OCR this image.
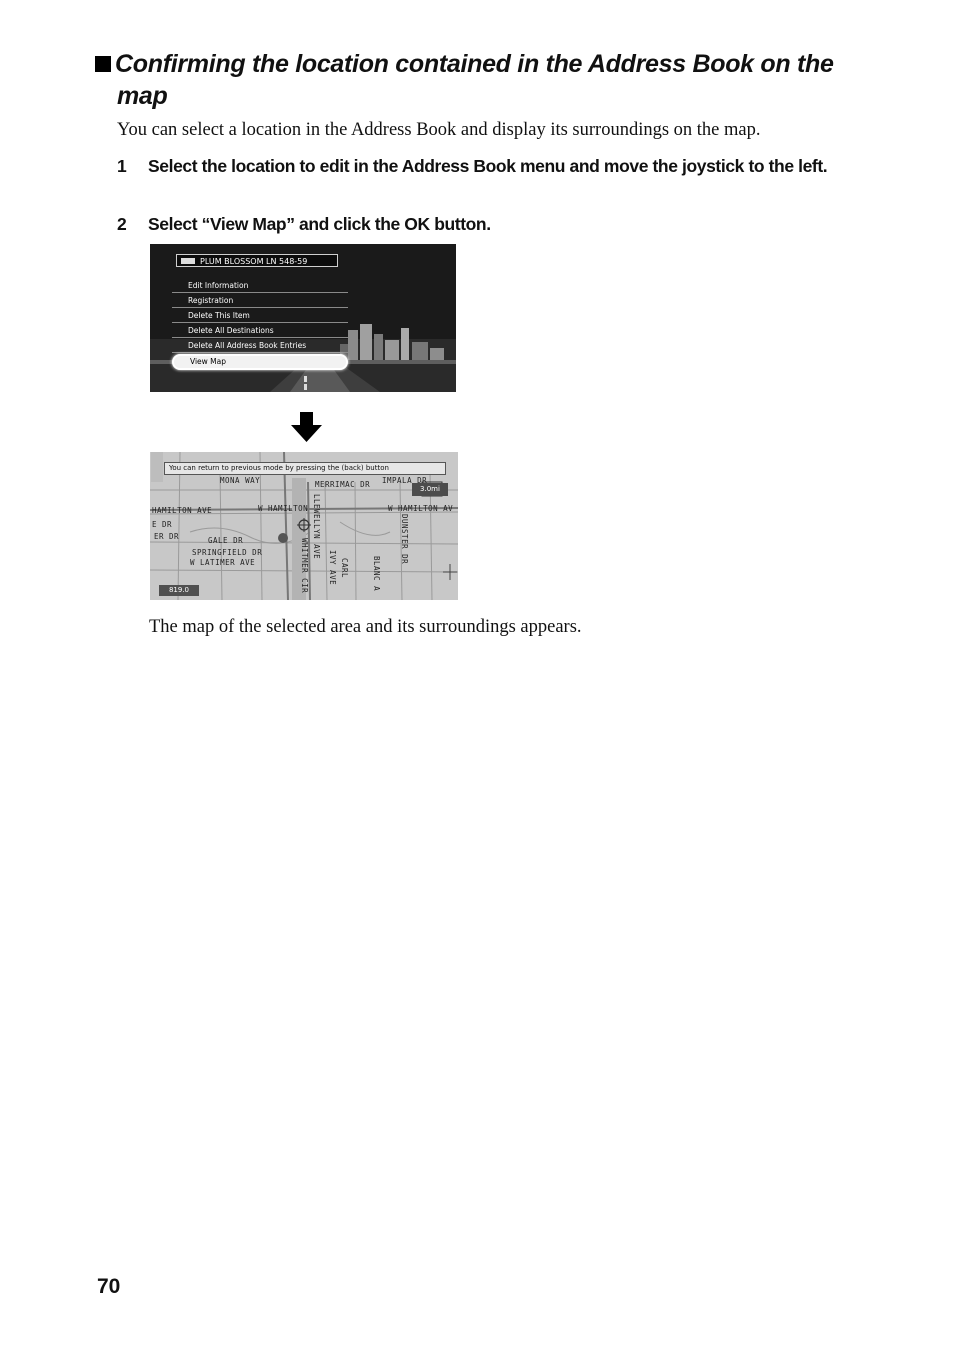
Confirming the location contained in the Address Book on the
map
You can select a location in the Address Book and display its surroundings on the map.
1 Select the location to edit in the Address Book menu and move the joystick to the left.
2 Select “View Map” and click the OK button.
PLUM BLOSSOM LN 548-59
Edit Information
Registration
Delete This Item
Delete All Destinations
Delete All Address Book Entries
View Map
You can return to previous mode by pressing the (back) button
3.0mi
MONA WAY	MERRIMAC DR IMPALA DR
HAMILTON AVE	W HAMILTON	W HAMILTON AV
E DR
ER DR	GALE DR
SPRINGFIELD DR
W LATIMER AVE
LLEWELLYN AVE	DUNSTER DR
WHITMER CIR	IVY AVE CARL	BLANC A
819.0
The map of the selected area and its surroundings appears.
70
